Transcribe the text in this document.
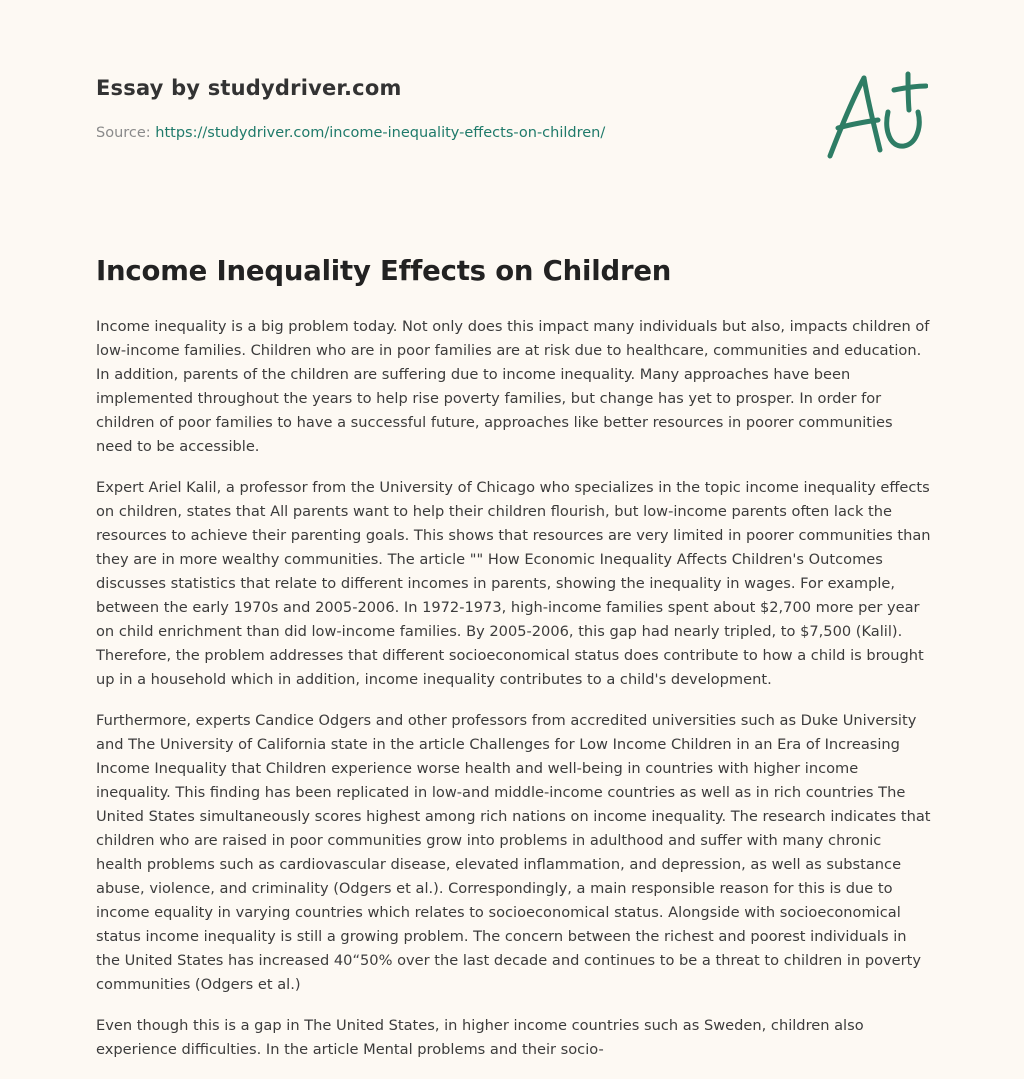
Essay by studydriver.com
Source: https://studydriver.com/income-inequality-effects-on-children/
Income Inequality Effects on Children

Income inequality is a big problem today. Not only does this impact many individuals but also, impacts children of low-income families. Children who are in poor families are at risk due to healthcare, communities and education. In addition, parents of the children are suffering due to income inequality. Many approaches have been implemented throughout the years to help rise poverty families, but change has yet to prosper. In order for children of poor families to have a successful future, approaches like better resources in poorer communities need to be accessible.

Expert Ariel Kalil, a professor from the University of Chicago who specializes in the topic income inequality effects on children, states that All parents want to help their children flourish, but low-income parents often lack the resources to achieve their parenting goals. This shows that resources are very limited in poorer communities than they are in more wealthy communities. The article "" How Economic Inequality Affects Children's Outcomes discusses statistics that relate to different incomes in parents, showing the inequality in wages. For example, between the early 1970s and 2005-2006. In 1972-1973, high-income families spent about $2,700 more per year on child enrichment than did low-income families. By 2005-2006, this gap had nearly tripled, to $7,500 (Kalil). Therefore, the problem addresses that different socioeconomical status does contribute to how a child is brought up in a household which in addition, income inequality contributes to a child's development.

Furthermore, experts Candice Odgers and other professors from accredited universities such as Duke University and The University of California state in the article Challenges for Low Income Children in an Era of Increasing Income Inequality that Children experience worse health and well-being in countries with higher income inequality. This finding has been replicated in low-and middle-income countries as well as in rich countries The United States simultaneously scores highest among rich nations on income inequality. The research indicates that children who are raised in poor communities grow into problems in adulthood and suffer with many chronic health problems such as cardiovascular disease, elevated inflammation, and depression, as well as substance abuse, violence, and criminality (Odgers et al.). Correspondingly, a main responsible reason for this is due to income equality in varying countries which relates to socioeconomical status. Alongside with socioeconomical status income inequality is still a growing problem. The concern between the richest and poorest individuals in the United States has increased 40“50% over the last decade and continues to be a threat to children in poverty communities (Odgers et al.)

Even though this is a gap in The United States, in higher income countries such as Sweden, children also experience difficulties. In the article Mental problems and their socio-
